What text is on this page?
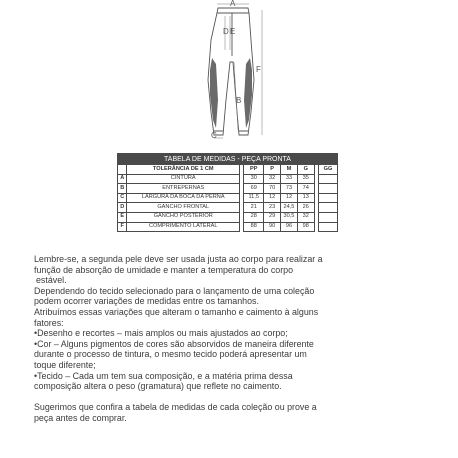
A
D E
F
B
C
TABELA DE MEDIDAS - PEÇA PRONTA								
	TOLERÂNCIA DE 1 CM		PP	P	M	G		GG
A	CINTURA		30	32	33	35		
B	ENTREPERNAS		69	70	73	74		
C	LARGURA DA BOCA DA PERNA		11,5	12	12	13		
D	GANCHO FRONTAL		21	23	24,5	26		
E	GANCHO POSTERIOR		28	29	30,5	32		
F	COMPRIMENTO LATERAL		88	90	96	98		

Lembre-se, a segunda pele deve ser usada justa ao corpo para realizar a

função de absorção de umidade e manter a temperatura do corpo

estável.

Dependendo do tecido selecionado para o lançamento de uma coleção

podem ocorrer variações de medidas entre os tamanhos.

Atribuímos essas variações que alteram o tamanho e caimento à alguns

fatores:

•Desenho e recortes – mais amplos ou mais ajustados ao corpo;

•Cor – Alguns pigmentos de cores são absorvidos de maneira diferente

durante o processo de tintura, o mesmo tecido poderá apresentar um

toque diferente;

•Tecido – Cada um tem sua composição, e a matéria prima dessa

composição altera o peso (gramatura) que reflete no caimento.

Sugerimos que confira a tabela de medidas de cada coleção ou prove a

peça antes de comprar.
